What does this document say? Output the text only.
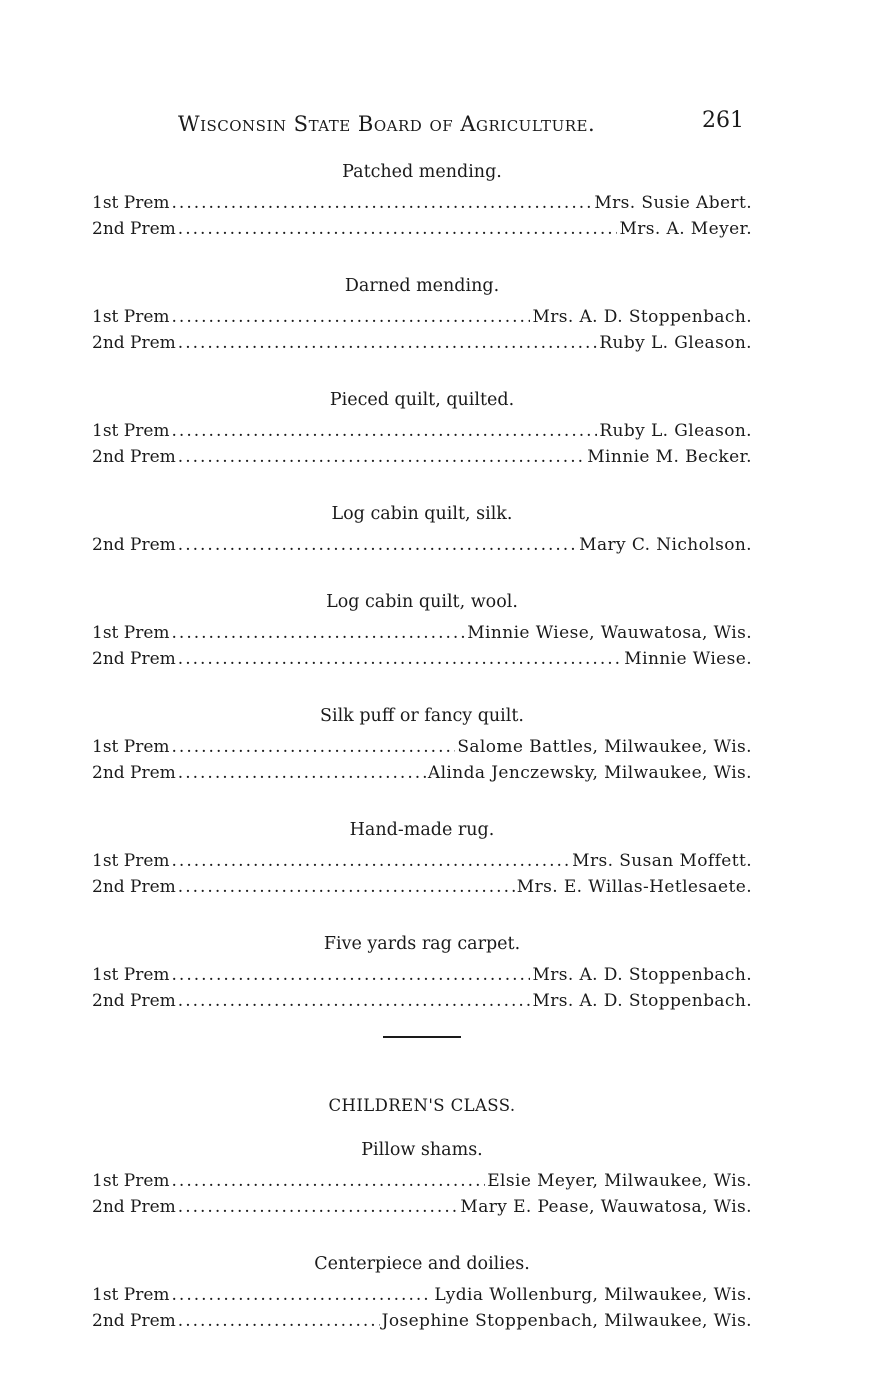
Wisconsin State Board of Agriculture.	261
Patched mending.
1st Prem .....	Mrs. Susie Abert.
2nd Prem .....	Mrs. A. Meyer.
Darned mending.
1st Prem .....	Mrs. A. D. Stoppenbach.
2nd Prem .....	Ruby L. Gleason.
Pieced quilt, quilted.
1st Prem .....	Ruby L. Gleason.
2nd Prem .....	Minnie M. Becker.
Log cabin quilt, silk.
2nd Prem .....	Mary C. Nicholson.
Log cabin quilt, wool.
1st Prem .....	Minnie Wiese, Wauwatosa, Wis.
2nd Prem .....	Minnie Wiese.
Silk puff or fancy quilt.
1st Prem .....	Salome Battles, Milwaukee, Wis.
2nd Prem .....	Alinda Jenczewsky, Milwaukee, Wis.
Hand-made rug.
1st Prem .....	Mrs. Susan Moffett.
2nd Prem .....	Mrs. E. Willas-Hetlesaete.
Five yards rag carpet.
1st Prem .....	Mrs. A. D. Stoppenbach.
2nd Prem .....	Mrs. A. D. Stoppenbach.
CHILDREN'S CLASS.
Pillow shams.
1st Prem .....	Elsie Meyer, Milwaukee, Wis.
2nd Prem .....	Mary E. Pease, Wauwatosa, Wis.
Centerpiece and doilies.
1st Prem .....	Lydia Wollenburg, Milwaukee, Wis.
2nd Prem .....	Josephine Stoppenbach, Milwaukee, Wis.
